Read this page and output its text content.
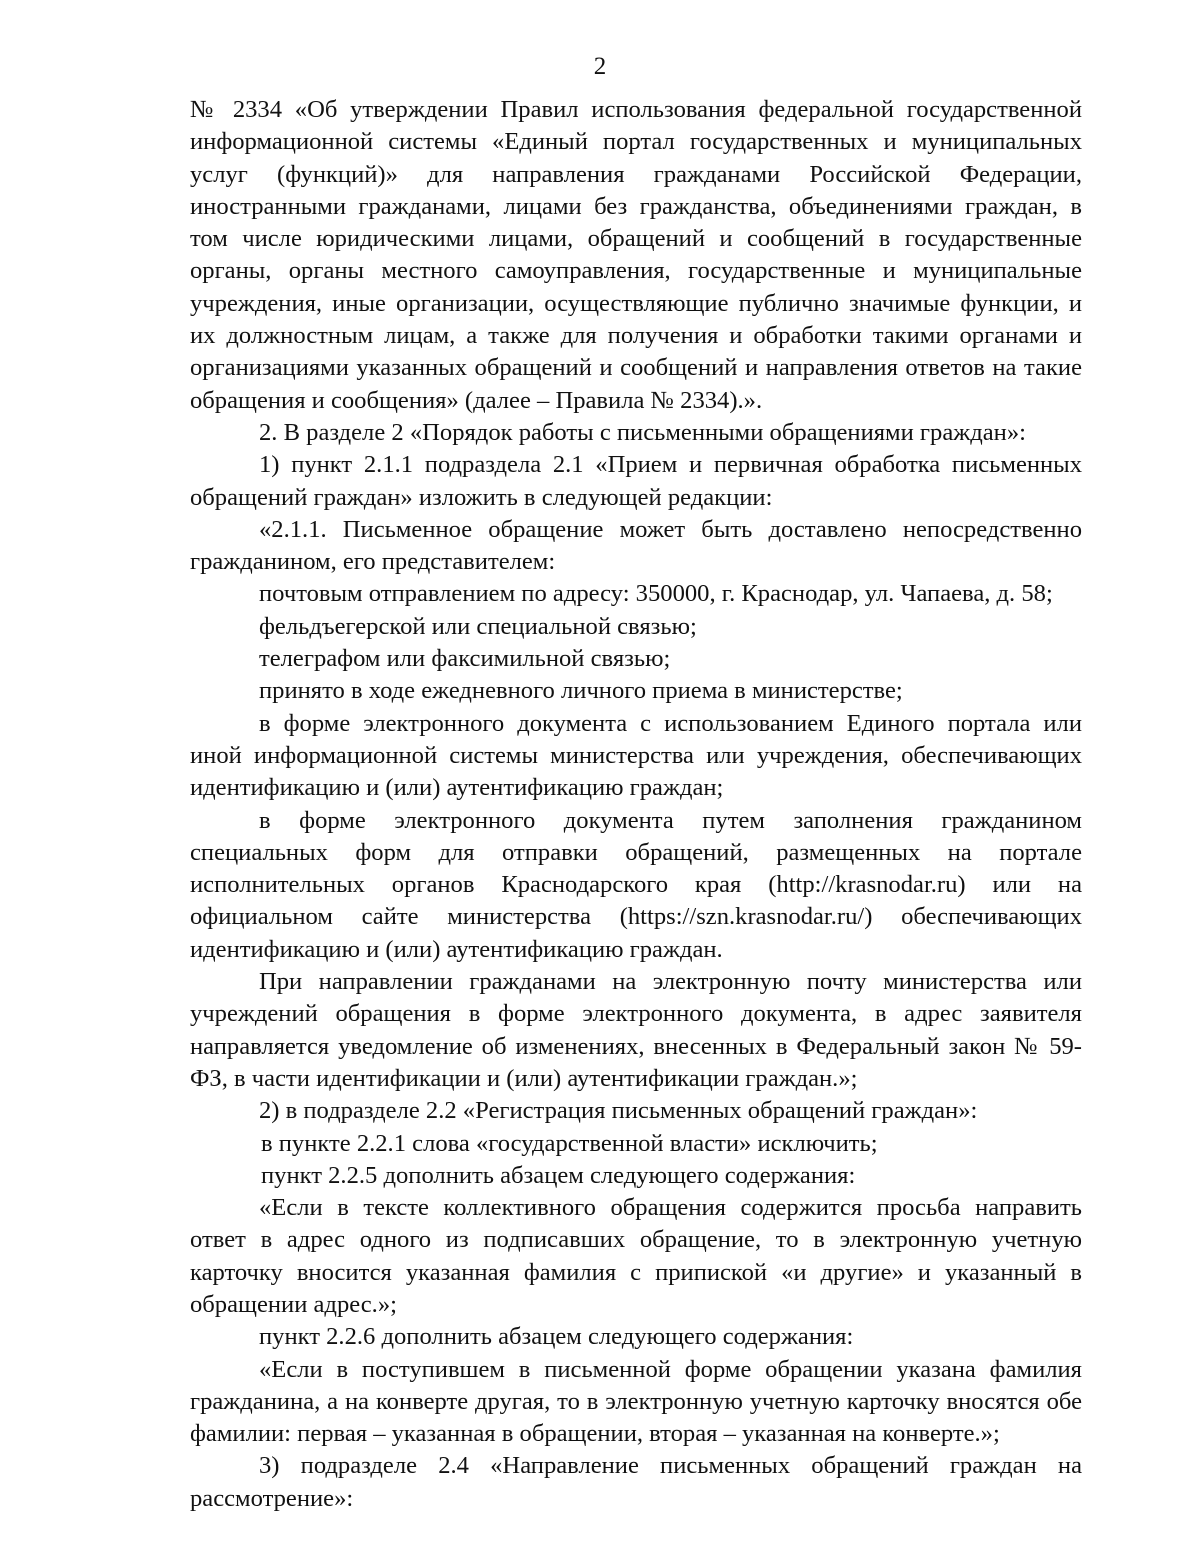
2

№ 2334 «Об утверждении Правил использования федеральной государственной информационной системы «Единый портал государственных и муниципальных услуг (функций)» для направления гражданами Российской Федерации, иностранными гражданами, лицами без гражданства, объединениями граждан, в том числе юридическими лицами, обращений и сообщений в государственные органы, органы местного самоуправления, государственные и муниципальные учреждения, иные организации, осуществляющие публично значимые функции, и их должностным лицам, а также для получения и обработки такими органами и организациями указанных обращений и сообщений и направления ответов на такие обращения и сообщения» (далее – Правила № 2334).».

2. В разделе 2 «Порядок работы с письменными обращениями граждан»:

1) пункт 2.1.1 подраздела 2.1 «Прием и первичная обработка письменных обращений граждан» изложить в следующей редакции:

«2.1.1. Письменное обращение может быть доставлено непосредственно гражданином, его представителем:

почтовым отправлением по адресу: 350000, г. Краснодар, ул. Чапаева, д. 58;

фельдъегерской или специальной связью;

телеграфом или факсимильной связью;

принято в ходе ежедневного личного приема в министерстве;

в форме электронного документа с использованием Единого портала или иной информационной системы министерства или учреждения, обеспечивающих идентификацию и (или) аутентификацию граждан;

в форме электронного документа путем заполнения гражданином специальных форм для отправки обращений, размещенных на портале исполнительных органов Краснодарского края (http://krasnodar.ru) или на официальном сайте министерства (https://szn.krasnodar.ru/) обеспечивающих идентификацию и (или) аутентификацию граждан.

При направлении гражданами на электронную почту министерства или учреждений обращения в форме электронного документа, в адрес заявителя направляется уведомление об изменениях, внесенных в Федеральный закон № 59-ФЗ, в части идентификации и (или) аутентификации граждан.»;

2) в подразделе 2.2 «Регистрация письменных обращений граждан»:

в пункте 2.2.1 слова «государственной власти» исключить;

пункт 2.2.5 дополнить абзацем следующего содержания:

«Если в тексте коллективного обращения содержится просьба направить ответ в адрес одного из подписавших обращение, то в электронную учетную карточку вносится указанная фамилия с припиской «и другие» и указанный в обращении адрес.»;

пункт 2.2.6 дополнить абзацем следующего содержания:

«Если в поступившем в письменной форме обращении указана фамилия гражданина, а на конверте другая, то в электронную учетную карточку вносятся обе фамилии: первая – указанная в обращении, вторая – указанная на конверте.»;

3) подразделе 2.4 «Направление письменных обращений граждан на рассмотрение»:
